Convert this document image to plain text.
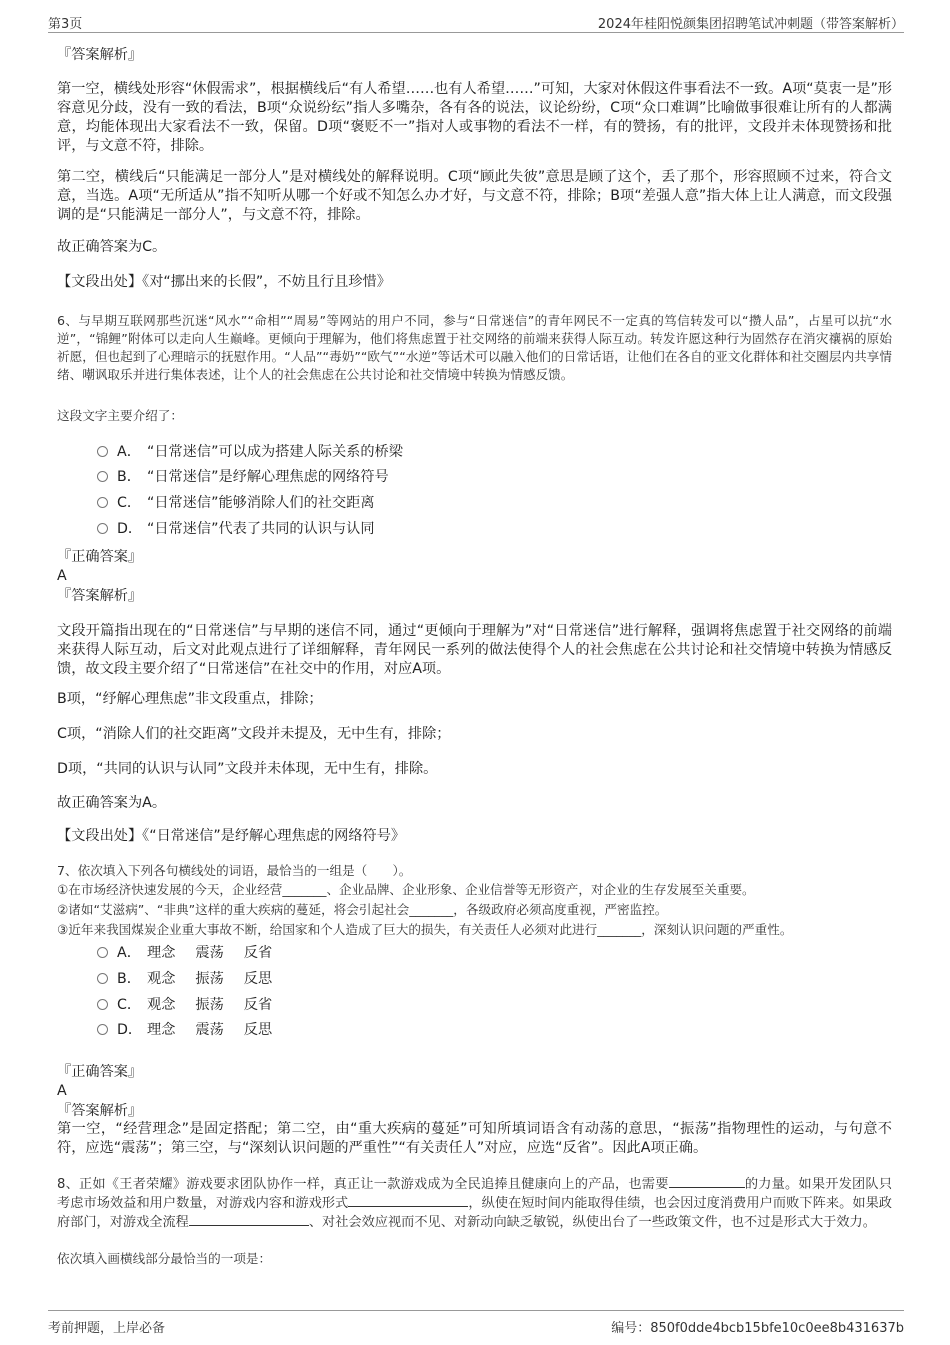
第3页	2024年桂阳悦颜集团招聘笔试冲刺题（带答案解析）

『答案解析』

第一空，横线处形容“休假需求”，根据横线后“有人希望……也有人希望……”可知，大家对休假这件事看法不一致。A项“莫衷一是”形容意见分歧，没有一致的看法，B项“众说纷纭”指人多嘴杂，各有各的说法，议论纷纷，C项“众口难调”比喻做事很难让所有的人都满意，均能体现出大家看法不一致，保留。D项“褒贬不一”指对人或事物的看法不一样，有的赞扬，有的批评，文段并未体现赞扬和批评，与文意不符，排除。

第二空，横线后“只能满足一部分人”是对横线处的解释说明。C项“顾此失彼”意思是顾了这个，丢了那个，形容照顾不过来，符合文意，当选。A项“无所适从”指不知听从哪一个好或不知怎么办才好，与文意不符，排除；B项“差强人意”指大体上让人满意，而文段强调的是“只能满足一部分人”，与文意不符，排除。

故正确答案为C。

【文段出处】《对“挪出来的长假”，不妨且行且珍惜》

6、与早期互联网那些沉迷“风水”“命相”“周易”等网站的用户不同，参与“日常迷信”的青年网民不一定真的笃信转发可以“攒人品”，占星可以抗“水逆”，“锦鲤”附体可以走向人生巅峰。更倾向于理解为，他们将焦虑置于社交网络的前端来获得人际互动。转发许愿这种行为固然存在消灾禳祸的原始祈愿，但也起到了心理暗示的抚慰作用。“人品”“毒奶”“欧气”“水逆”等话术可以融入他们的日常话语，让他们在各自的亚文化群体和社交圈层内共享情绪、嘲讽取乐并进行集体表述，让个人的社会焦虑在公共讨论和社交情境中转换为情感反馈。

这段文字主要介绍了：

A． “日常迷信”可以成为搭建人际关系的桥梁
B． “日常迷信”是纾解心理焦虑的网络符号
C． “日常迷信”能够消除人们的社交距离
D． “日常迷信”代表了共同的认识与认同

『正确答案』

A

『答案解析』

文段开篇指出现在的“日常迷信”与早期的迷信不同，通过“更倾向于理解为”对“日常迷信”进行解释，强调将焦虑置于社交网络的前端来获得人际互动，后文对此观点进行了详细解释，青年网民一系列的做法使得个人的社会焦虑在公共讨论和社交情境中转换为情感反馈，故文段主要介绍了“日常迷信”在社交中的作用，对应A项。

B项，“纾解心理焦虑”非文段重点，排除；

C项，“消除人们的社交距离”文段并未提及，无中生有，排除；

D项，“共同的认识与认同”文段并未体现，无中生有，排除。

故正确答案为A。

【文段出处】《“日常迷信”是纾解心理焦虑的网络符号》

7、依次填入下列各句横线处的词语，最恰当的一组是（　　）。

①在市场经济快速发展的今天，企业经营_______、企业品牌、企业形象、企业信誉等无形资产，对企业的生存发展至关重要。

②诸如“艾滋病”、“非典”这样的重大疾病的蔓延，将会引起社会_______，各级政府必须高度重视，严密监控。

③近年来我国煤炭企业重大事故不断，给国家和个人造成了巨大的损失，有关责任人必须对此进行_______，深刻认识问题的严重性。

A． 理念 震荡 反省
B． 观念 振荡 反思
C． 观念 振荡 反省
D． 理念 震荡 反思

『正确答案』

A

『答案解析』

第一空，“经营理念”是固定搭配；第二空，由“重大疾病的蔓延”可知所填词语含有动荡的意思，“振荡”指物理性的运动，与句意不符，应选“震荡”；第三空，与“深刻认识问题的严重性”“有关责任人”对应，应选“反省”。因此A项正确。

8、正如《王者荣耀》游戏要求团队协作一样，真正让一款游戏成为全民追捧且健康向上的产品，也需要	的力量。如果开发团队只考虑市场效益和用户数量，对游戏内容和游戏形式	，纵使在短时间内能取得佳绩，也会因过度消费用户而败下阵来。如果政府部门，对游戏全流程	、对社会效应视而不见、对新动向缺乏敏锐，纵使出台了一些政策文件，也不过是形式大于效力。

依次填入画横线部分最恰当的一项是：

考前押题，上岸必备	编号：850f0dde4bcb15bfe10c0ee8b431637b
